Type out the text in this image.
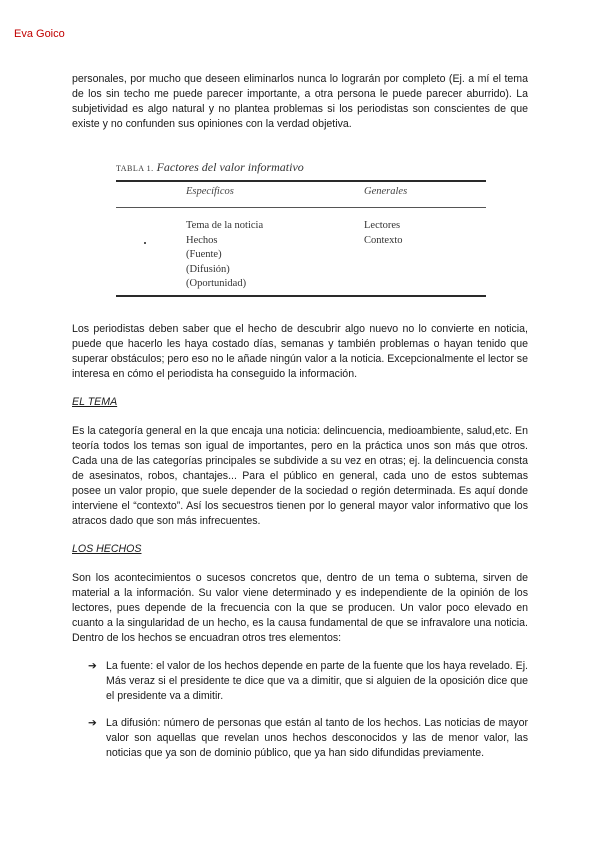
Eva Goico

personales, por mucho que deseen eliminarlos nunca lo lograrán por completo (Ej. a mí el tema de los sin techo me puede parecer importante, a otra persona le puede parecer aburrido). La subjetividad es algo natural y no plantea problemas si los periodistas son conscientes de que existe y no confunden sus opiniones con la verdad objetiva.

TABLA 1. Factores del valor informativo
Específicos	Generales
Tema de la noticia
Hechos
(Fuente)
(Difusión)
(Oportunidad)
Lectores
Contexto

Los periodistas deben saber que el hecho de descubrir algo nuevo no lo convierte en noticia, puede que hacerlo les haya costado días, semanas y también problemas o hayan tenido que superar obstáculos; pero eso no le añade ningún valor a la noticia. Excepcionalmente el lector se interesa en cómo el periodista ha conseguido la información.

EL TEMA

Es la categoría general en la que encaja una noticia: delincuencia, medioambiente, salud,etc. En teoría todos los temas son igual de importantes, pero en la práctica unos son más que otros. Cada una de las categorías principales se subdivide a su vez en otras; ej. la delincuencia consta de asesinatos, robos, chantajes... Para el público en general, cada uno de estos subtemas posee un valor propio, que suele depender de la sociedad o región determinada. Es aquí donde interviene el “contexto”. Así los secuestros tienen por lo general mayor valor informativo que los atracos dado que son más infrecuentes.

LOS HECHOS

Son los acontecimientos o sucesos concretos que, dentro de un tema o subtema, sirven de material a la información. Su valor viene determinado y es independiente de la opinión de los lectores, pues depende de la frecuencia con la que se producen. Un valor poco elevado en cuanto a la singularidad de un hecho, es la causa fundamental de que se infravalore una noticia. Dentro de los hechos se encuadran otros tres elementos:

➔ La fuente: el valor de los hechos depende en parte de la fuente que los haya revelado. Ej. Más veraz si el presidente te dice que va a dimitir, que si alguien de la oposición dice que el presidente va a dimitir.
➔ La difusión: número de personas que están al tanto de los hechos. Las noticias de mayor valor son aquellas que revelan unos hechos desconocidos y las de menor valor, las noticias que ya son de dominio público, que ya han sido difundidas previamente.
